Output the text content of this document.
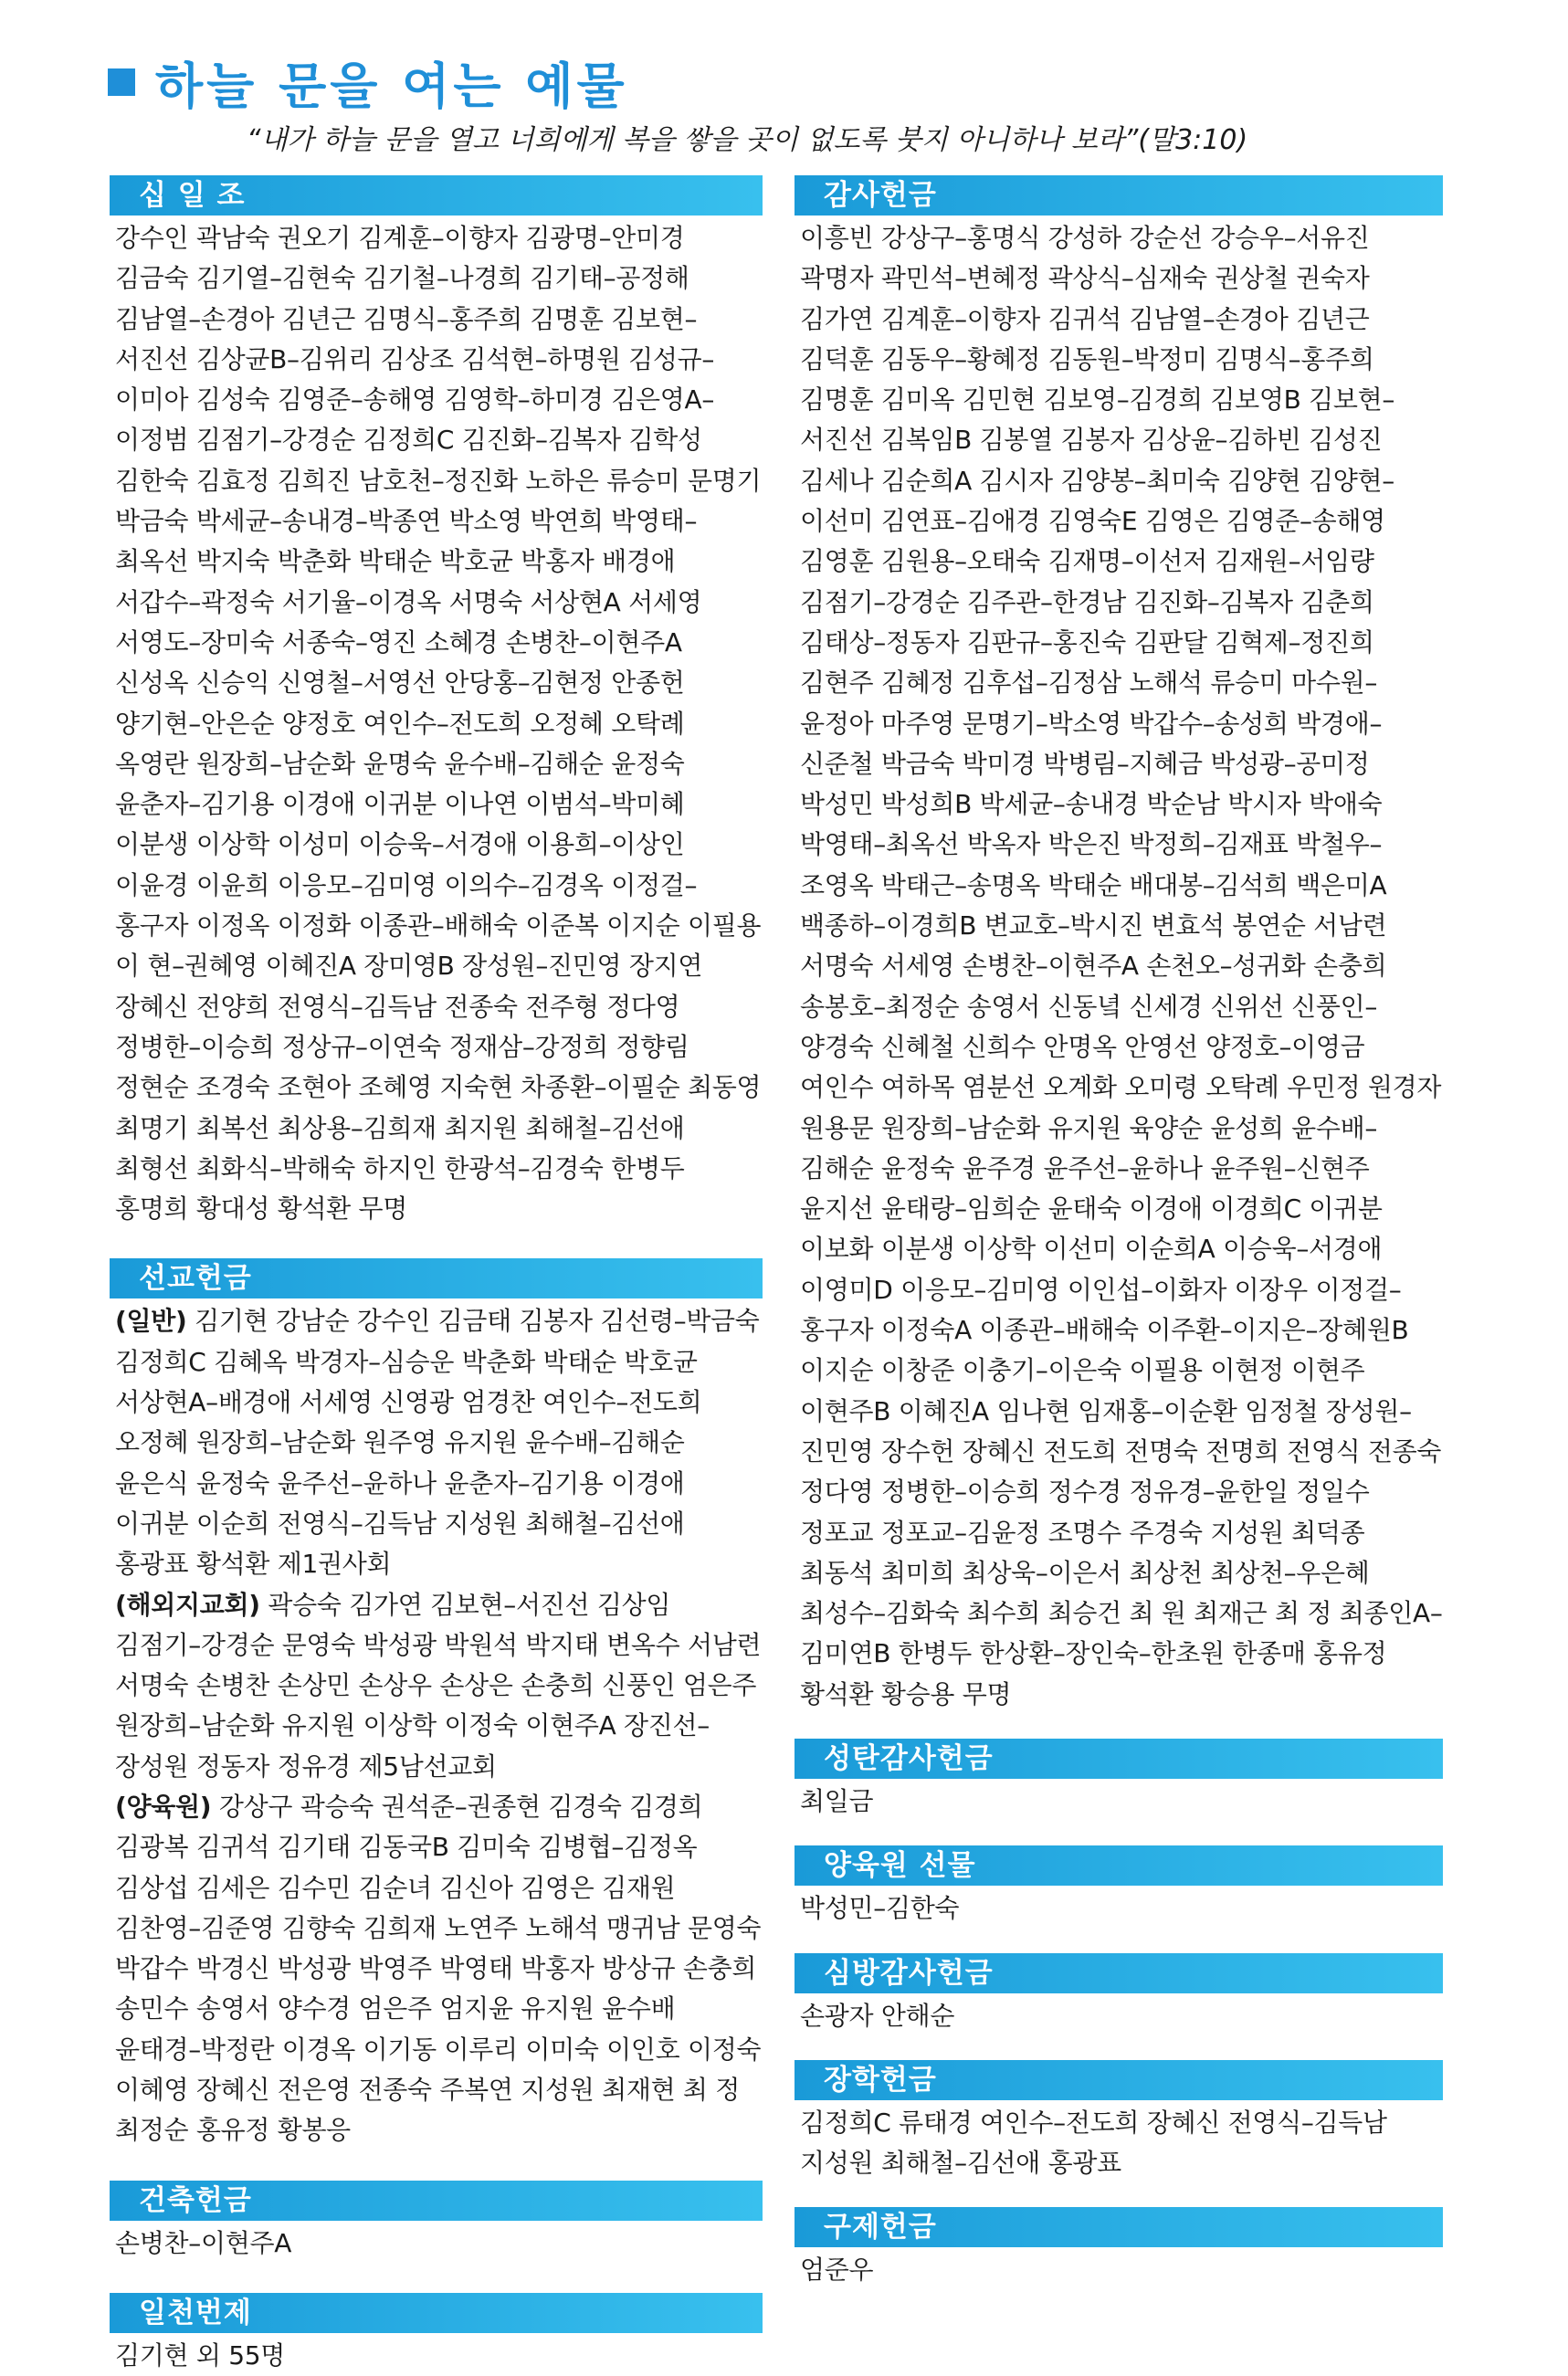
하늘 문을 여는 예물
“내가 하늘 문을 열고 너희에게 복을 쌓을 곳이 없도록 붓지 아니하나 보라”(말3:10)
십 일 조
강수인 곽남숙 권오기 김계훈–이향자 김광명–안미경 김금숙 김기열–김현숙 김기철–나경희 김기태–공정해 김남열–손경아 김년근 김명식–홍주희 김명훈 김보현–서진선 김상균B–김위리 김상조 김석현–하명원 김성규–이미아 김성숙 김영준–송해영 김영학–하미경 김은영A–이정범 김점기–강경순 김정희C 김진화–김복자 김학성 김한숙 김효정 김희진 남호천–정진화 노하은 류승미 문명기 박금숙 박세균–송내경–박종연 박소영 박연희 박영태–최옥선 박지숙 박춘화 박태순 박호균 박홍자 배경애 서갑수–곽정숙 서기율–이경옥 서명숙 서상현A 서세영 서영도–장미숙 서종숙–영진 소혜경 손병찬–이현주A 신성옥 신승익 신영철–서영선 안당홍–김현정 안종헌 양기현–안은순 양정호 여인수–전도희 오정혜 오탁례 옥영란 원장희–남순화 윤명숙 윤수배–김해순 윤정숙 윤춘자–김기용 이경애 이귀분 이나연 이범석–박미혜 이분생 이상학 이성미 이승욱–서경애 이용희–이상인 이윤경 이윤희 이응모–김미영 이의수–김경옥 이정걸–홍구자 이정옥 이정화 이종관–배해숙 이준복 이지순 이필용 이 현–권혜영 이혜진A 장미영B 장성원–진민영 장지연 장혜신 전양희 전영식–김득남 전종숙 전주형 정다영 정병한–이승희 정상규–이연숙 정재삼–강정희 정향림 정현순 조경숙 조현아 조혜영 지숙현 차종환–이필순 최동영 최명기 최복선 최상용–김희재 최지원 최해철–김선애 최형선 최화식–박해숙 하지인 한광석–김경숙 한병두 홍명희 황대성 황석환 무명
선교헌금
(일반) 김기현 강남순 강수인 김금태 김봉자 김선령–박금숙 김정희C 김혜옥 박경자–심승운 박춘화 박태순 박호균 서상현A–배경애 서세영 신영광 엄경찬 여인수–전도희 오정혜 원장희–남순화 원주영 유지원 윤수배–김해순 윤은식 윤정숙 윤주선–윤하나 윤춘자–김기용 이경애 이귀분 이순희 전영식–김득남 지성원 최해철–김선애 홍광표 황석환 제1권사회
(해외지교회) 곽승숙 김가연 김보현–서진선 김상임 김점기–강경순 문영숙 박성광 박원석 박지태 변옥수 서남련 서명숙 손병찬 손상민 손상우 손상은 손충희 신풍인 엄은주 원장희–남순화 유지원 이상학 이정숙 이현주A 장진선–장성원 정동자 정유경 제5남선교회
(양육원) 강상구 곽승숙 권석준–권종현 김경숙 김경희 김광복 김귀석 김기태 김동국B 김미숙 김병협–김정옥 김상섭 김세은 김수민 김순녀 김신아 김영은 김재원 김찬영–김준영 김향숙 김희재 노연주 노해석 맹귀남 문영숙 박갑수 박경신 박성광 박영주 박영태 박홍자 방상규 손충희 송민수 송영서 양수경 엄은주 엄지윤 유지원 윤수배 윤태경–박정란 이경옥 이기동 이루리 이미숙 이인호 이정숙 이혜영 장혜신 전은영 전종숙 주복연 지성원 최재현 최 정 최정순 홍유정 황봉응
건축헌금
손병찬–이현주A
일천번제
김기현 외 55명
감사헌금
이흥빈 강상구–홍명식 강성하 강순선 강승우–서유진 곽명자 곽민석–변혜정 곽상식–심재숙 권상철 권숙자 김가연 김계훈–이향자 김귀석 김남열–손경아 김년근 김덕훈 김동우–황혜정 김동원–박정미 김명식–홍주희 김명훈 김미옥 김민현 김보영–김경희 김보영B 김보현–서진선 김복임B 김봉열 김봉자 김상윤–김하빈 김성진 김세나 김순희A 김시자 김양봉–최미숙 김양현 김양현–이선미 김연표–김애경 김영숙E 김영은 김영준–송해영 김영훈 김원용–오태숙 김재명–이선저 김재원–서임량 김점기–강경순 김주관–한경남 김진화–김복자 김춘희 김태상–정동자 김판규–홍진숙 김판달 김혁제–정진희 김현주 김혜정 김후섭–김정삼 노해석 류승미 마수원–윤정아 마주영 문명기–박소영 박갑수–송성희 박경애–신준철 박금숙 박미경 박병림–지혜금 박성광–공미정 박성민 박성희B 박세균–송내경 박순남 박시자 박애숙 박영태–최옥선 박옥자 박은진 박정희–김재표 박철우–조영옥 박태근–송명옥 박태순 배대봉–김석희 백은미A 백종하–이경희B 변교호–박시진 변효석 봉연순 서남련 서명숙 서세영 손병찬–이현주A 손천오–성귀화 손충희 송봉호–최정순 송영서 신동녘 신세경 신위선 신풍인–양경숙 신혜철 신희수 안명옥 안영선 양정호–이영금 여인수 여하목 염분선 오계화 오미령 오탁례 우민정 원경자 원용문 원장희–남순화 유지원 육양순 윤성희 윤수배–김해순 윤정숙 윤주경 윤주선–윤하나 윤주원–신현주 윤지선 윤태랑–임희순 윤태숙 이경애 이경희C 이귀분 이보화 이분생 이상학 이선미 이순희A 이승욱–서경애 이영미D 이응모–김미영 이인섭–이화자 이장우 이정걸–홍구자 이정숙A 이종관–배해숙 이주환–이지은–장혜원B 이지순 이창준 이충기–이은숙 이필용 이현정 이현주 이현주B 이혜진A 임나현 임재홍–이순환 임정철 장성원–진민영 장수헌 장혜신 전도희 전명숙 전명희 전영식 전종숙 정다영 정병한–이승희 정수경 정유경–윤한일 정일수 정포교 정포교–김윤정 조명수 주경숙 지성원 최덕종 최동석 최미희 최상욱–이은서 최상천 최상천–우은혜 최성수–김화숙 최수희 최승건 최 원 최재근 최 정 최종인A–김미연B 한병두 한상환–장인숙–한초원 한종매 홍유정 황석환 황승용 무명
성탄감사헌금
최일금
양육원 선물
박성민–김한숙
심방감사헌금
손광자 안해순
장학헌금
김정희C 류태경 여인수–전도희 장혜신 전영식–김득남 지성원 최해철–김선애 홍광표
구제헌금
엄준우
